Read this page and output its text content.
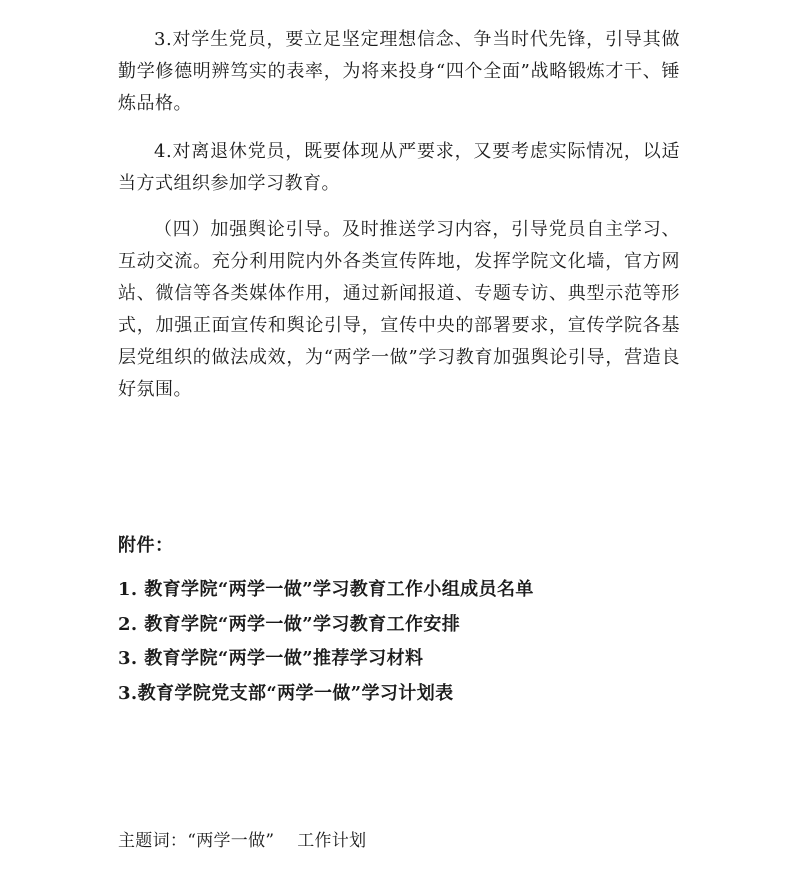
3.对学生党员，要立足坚定理想信念、争当时代先锋，引导其做勤学修德明辨笃实的表率，为将来投身“四个全面”战略锻炼才干、锤炼品格。

4.对离退休党员，既要体现从严要求，又要考虑实际情况，以适当方式组织参加学习教育。

（四）加强舆论引导。及时推送学习内容，引导党员自主学习、互动交流。充分利用院内外各类宣传阵地，发挥学院文化墙，官方网站、微信等各类媒体作用，通过新闻报道、专题专访、典型示范等形式，加强正面宣传和舆论引导，宣传中央的部署要求，宣传学院各基层党组织的做法成效，为“两学一做”学习教育加强舆论引导，营造良好氛围。

附件：

1. 教育学院“两学一做”学习教育工作小组成员名单
2. 教育学院“两学一做”学习教育工作安排
3. 教育学院“两学一做”推荐学习材料
3.教育学院党支部“两学一做”学习计划表

主题词：“两学一做”    工作计划
